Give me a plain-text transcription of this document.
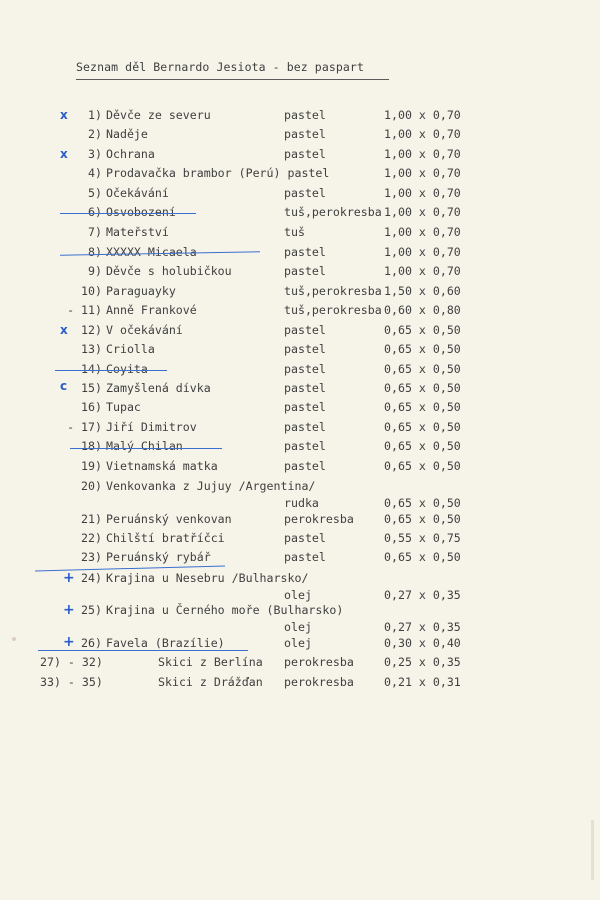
Seznam děl Bernardo Jesiota - bez paspart
1) Děvče ze severu	pastel	1,00 x 0,70
2) Naděje	pastel	1,00 x 0,70
3) Ochrana	pastel	1,00 x 0,70
4) Prodavačka brambor (Perú) pastel	1,00 x 0,70
5) Očekávání	pastel	1,00 x 0,70
6) Osvobození	tuš,perokresba 1,00 x 0,70
7) Mateřství	tuš	1,00 x 0,70
8) XXXXX Micaela	pastel	1,00 x 0,70
9) Děvče s holubičkou	pastel	1,00 x 0,70
10) Paraguayky	tuš,perokresba 1,50 x 0,60
- 11) Anně Frankové	tuš,perokresba 0,60 x 0,80
12) V očekávání	pastel	0,65 x 0,50
13) Criolla	pastel	0,65 x 0,50
14) Coyita	pastel	0,65 x 0,50
15) Zamyšlená dívka	pastel	0,65 x 0,50
16) Tupac	pastel	0,65 x 0,50
- 17) Jiří Dimitrov	pastel	0,65 x 0,50
18) Malý Chilan	pastel	0,65 x 0,50
19) Vietnamská matka	pastel	0,65 x 0,50
20) Venkovanka z Jujuy /Argentina/
rudka	0,65 x 0,50
21) Peruánský venkovan	perokresba	0,65 x 0,50
22) Chilští bratříčci	pastel	0,55 x 0,75
23) Peruánský rybář	pastel	0,65 x 0,50
24) Krajina u Nesebru /Bulharsko/
olej	0,27 x 0,35
25) Krajina u Černého moře (Bulharsko)
olej	0,27 x 0,35
26) Favela (Brazílie)	olej	0,30 x 0,40
27) - 32)	Skici z Berlína perokresba	0,25 x 0,35
33) - 35)	Skici z Drážďan perokresba	0,21 x 0,31
x
x
x
c
+
+
+
